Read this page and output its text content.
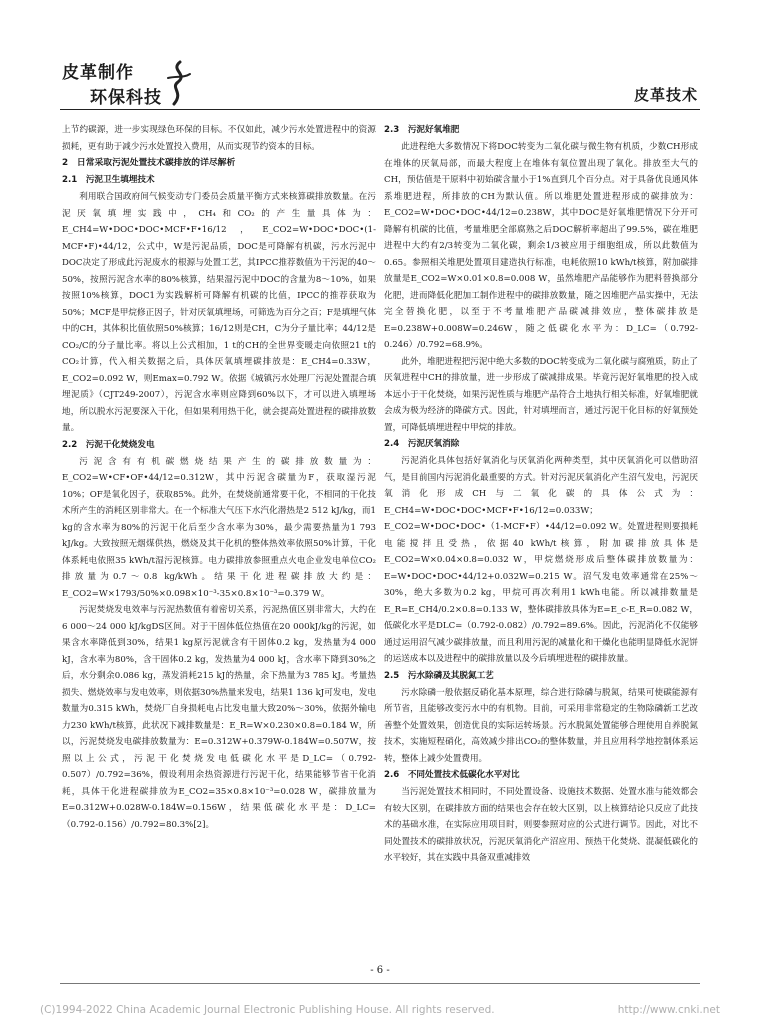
皮革制作
环保科技	皮革技术

上节约碳源，进一步实现绿色环保的目标。不仅如此，减少污水处置进程中的资源损耗，更有助于减少污水处置投入费用，从而实现节约资本的目标。

2　日常采取污泥处置技术碳排放的详尽解析
2.1　污泥卫生填埋技术

利用联合国政府间气候变动专门委员会质量平衡方式来核算碳排放数量。在污泥厌氧填埋实践中，CH₄和CO₂的产生量具体为：E_CH4=W•DOC•DOC•MCF•F•16/12，E_CO2=W•DOC•DOC•(1-MCF•F)•44/12，公式中，W是污泥品质，DOC是可降解有机碳，污水污泥中DOC决定了形成此污泥废水的根源与处置工艺，其IPCC推荐数值为干污泥的40～50%，按照污泥含水率的80%核算，结果湿污泥中DOC的含量为8～10%，如果按照10%核算，DOC1为实践解析可降解有机碳的比值，IPCC的推荐获取为50%；MCF是甲烷修正因子，针对厌氧填埋场，可筛选为百分之百；F是填埋气体中的CH，其体积比值依照50%核算；16/12则是CH，C为分子量比率；44/12是CO₂/C的分子量比率。将以上公式相加，1 t的CH的全世界变暖走向依照21 t的CO₂计算，代入相关数据之后，具体厌氧填埋碳排放是：E_CH4=0.33W，E_CO2=0.092 W，则Emax=0.792 W。依据《城镇污水处理厂污泥处置混合填埋泥质》（CJT249-2007），污泥含水率则应降到60%以下，才可以进入填埋场地，所以脱水污泥要深入干化，但如果利用热干化，就会提高处置进程的碳排放数量。

2.2　污泥干化焚烧发电

污泥含有有机碳燃烧结果产生的碳排放数量为：E_CO2=W•CF•OF•44/12=0.312W，其中污泥含碳量为F，获取湿污泥10%；OF是氧化因子，获取85%。此外，在焚烧前通常要干化，不相同的干化技术所产生的消耗区别非常大。在一个标准大气压下水汽化潜热是2 512 kJ/kg，而1 kg的含水率为80%的污泥干化后至少含水率为30%，最少需要热量为1 793 kJ/kg。大致按照无烟煤供热，燃烧及其干化机的整体热效率依照50%计算，干化体系耗电依照35 kWh/t湿污泥核算。电力碳排放参照重点火电企业发电单位CO₂排放量为0.7～0.8 kg/kWh。结果干化进程碳排放大约是：E_CO2=W×1793/50%×0.098×10⁻³-35×0.8×10⁻³=0.379 W。

污泥焚烧发电效率与污泥热数值有着密切关系，污泥热值区别非常大，大约在6 000～24 000 kJ/kgDS区间。对于干固体低位热值在20 000kJ/kg的污泥，如果含水率降低到30%，结果1 kg原污泥就含有干固体0.2 kg，发热量为4 000 kJ，含水率为80%，含干固体0.2 kg，发热量为4 000 kJ，含水率下降到30%之后，水分剩余0.086 kg，蒸发消耗215 kJ的热量，余下热量为3 785 kJ。考量热损失、燃烧效率与发电效率，则依据30%热量来发电，结果1 136 kJ可发电，发电数量为0.315 kWh，焚烧厂自身损耗电占比发电量大致20%～30%，依据外输电力230 kWh/t核算，此状况下减排数量是：E_R=W×0.230×0.8=0.184 W，所以，污泥焚烧发电碳排放数量为：E=0.312W+0.379W-0.184W=0.507W，按照以上公式，污泥干化焚烧发电低碳化水平是D_LC=（0.792-0.507）/0.792=36%，假设利用余热资源进行污泥干化，结果能够节省干化消耗，具体干化进程碳排放为E_CO2=35×0.8×10⁻³=0.028 W，碳排放量为E=0.312W+0.028W-0.184W=0.156W，结果低碳化水平是：D_LC=（0.792-0.156）/0.792=80.3%[2]。

2.3　污泥好氧堆肥

此进程绝大多数情况下将DOC转变为二氧化碳与微生物有机质，少数CH形成在堆体的厌氧局部，而最大程度上在堆体有氧位置出现了氧化。排放至大气的CH，预估值是干原料中初始碳含量小于1%直到几个百分点。对于具备优良通风体系堆肥进程，所排放的CH为默认值。所以堆肥处置进程形成的碳排放为：E_CO2=W•DOC•DOC•44/12=0.238W，其中DOC是好氧堆肥情况下分开可降解有机碳的比值，考量堆肥全部腐熟之后DOC解析率超出了99.5%，碳在堆肥进程中大约有2/3转变为二氧化碳，剩余1/3被应用于细胞组成，所以此数值为0.65。参照相关堆肥处置项目建造执行标准，电耗依照10 kWh/t核算，附加碳排放量是E_CO2=W×0.01×0.8=0.008 W，虽然堆肥产品能够作为肥料替换部分化肥，进而降低化肥加工制作进程中的碳排放数量，随之因堆肥产品实操中，无法完全替换化肥，以至于不考量堆肥产品碳减排效应，整体碳排放是E=0.238W+0.008W=0.246W，随之低碳化水平为：D_LC=（0.792-0.246）/0.792=68.9%。

此外，堆肥进程把污泥中绝大多数的DOC转变成为二氧化碳与腐殖质，防止了厌氧进程中CH的排放量，进一步形成了碳减排成果。毕竟污泥好氧堆肥的投入成本远小于干化焚烧，如果污泥性质与堆肥产品符合土地执行相关标准，好氧堆肥就会成为极为经济的降碳方式。因此，针对填埋而言，通过污泥干化目标的好氧预处置，可降低填埋进程中甲烷的排放。

2.4　污泥厌氧消除

污泥消化具体包括好氧消化与厌氧消化两种类型，其中厌氧消化可以借助沼气，是目前国内污泥消化最重要的方式。针对污泥厌氧消化产生沼气发电，污泥厌氧消化形成CH与二氧化碳的具体公式为：E_CH4=W•DOC•DOC•MCF•F•16/12=0.033W；E_CO2=W•DOC•DOC•（1-MCF•F）•44/12=0.092 W。处置进程则要损耗电能搅拌且受热，依据40 kWh/t核算，附加碳排放具体是E_CO2=W×0.04×0.8=0.032 W，甲烷燃烧形成后整体碳排放数量为：E=W•DOC•DOC•44/12+0.032W=0.215 W。沼气发电效率通常在25%～30%，绝大多数为0.2 kg，甲烷可再次利用1 kWh电能。所以减排数量是E_R=E_CH4/0.2×0.8=0.133 W，整体碳排放具体为E=E_c-E_R=0.082 W，低碳化水平是DLC=（0.792-0.082）/0.792=89.6%。因此，污泥消化不仅能够通过运用沼气减少碳排放量，而且利用污泥的减量化和干燥化也能明显降低水泥饼的运送成本以及进程中的碳排放量以及今后填埋进程的碳排放量。

2.5　污水除磷及其脱氮工艺

污水除磷一般依据反硝化基本原理，综合进行除磷与脱氮，结果可使碳能源有所节省，且能够改变污水中的有机物。目前，可采用非常稳定的生物除磷新工艺改善整个处置效果，创造优良的实际运转场景。污水脱氮处置能够合理使用自养脱氮技术，实施短程硝化，高效减少排出CO₂的整体数量，并且应用科学地控制体系运转，整体上减少处置费用。

2.6　不同处置技术低碳化水平对比

当污泥处置技术相同时，不同处置设备、设施技术数据、处置水准与能效都会有较大区别，在碳排放方面的结果也会存在较大区别，以上核算结论只反应了此技术的基础水准，在实际应用项目时，则要参照对应的公式进行调节。因此，对比不同处置技术的碳排放状况，污泥厌氧消化产沼应用、预热干化焚烧、混凝低碳化的水平较好，其在实践中具备双重减排效

- 6 -
(C)1994-2022 China Academic Journal Electronic Publishing House. All rights reserved.	http://www.cnki.net
